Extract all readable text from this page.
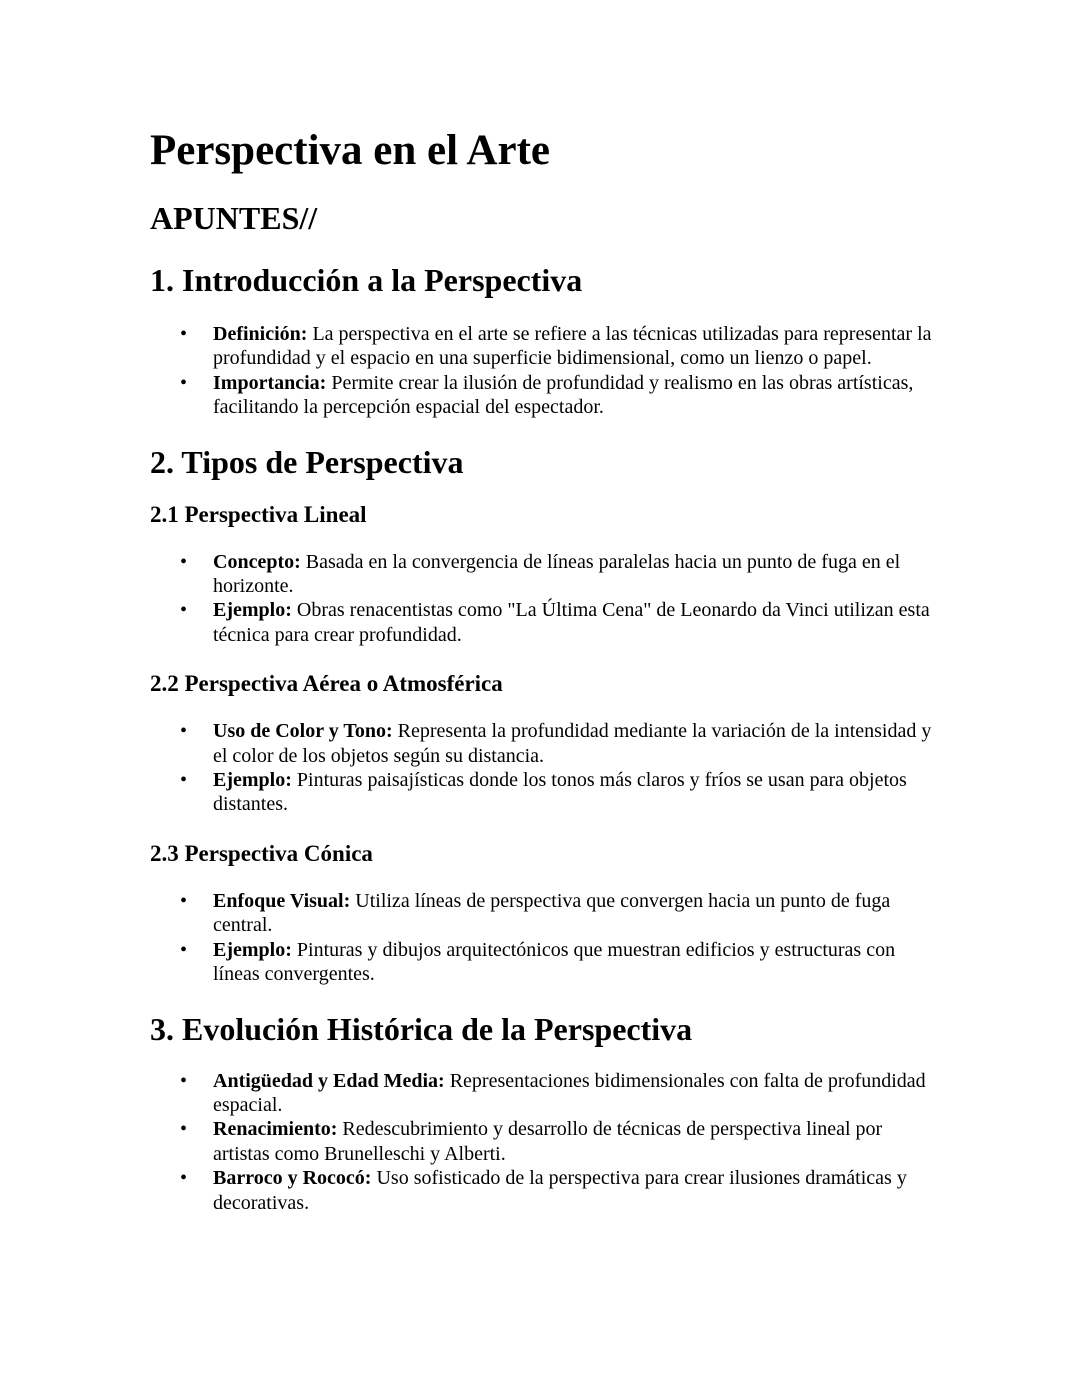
Perspectiva en el Arte
APUNTES//
1. Introducción a la Perspectiva
• Definición: La perspectiva en el arte se refiere a las técnicas utilizadas para representar la profundidad y el espacio en una superficie bidimensional, como un lienzo o papel.
• Importancia: Permite crear la ilusión de profundidad y realismo en las obras artísticas, facilitando la percepción espacial del espectador.
2. Tipos de Perspectiva
2.1 Perspectiva Lineal
• Concepto: Basada en la convergencia de líneas paralelas hacia un punto de fuga en el horizonte.
• Ejemplo: Obras renacentistas como "La Última Cena" de Leonardo da Vinci utilizan esta técnica para crear profundidad.
2.2 Perspectiva Aérea o Atmosférica
• Uso de Color y Tono: Representa la profundidad mediante la variación de la intensidad y el color de los objetos según su distancia.
• Ejemplo: Pinturas paisajísticas donde los tonos más claros y fríos se usan para objetos distantes.
2.3 Perspectiva Cónica
• Enfoque Visual: Utiliza líneas de perspectiva que convergen hacia un punto de fuga central.
• Ejemplo: Pinturas y dibujos arquitectónicos que muestran edificios y estructuras con líneas convergentes.
3. Evolución Histórica de la Perspectiva
• Antigüedad y Edad Media: Representaciones bidimensionales con falta de profundidad espacial.
• Renacimiento: Redescubrimiento y desarrollo de técnicas de perspectiva lineal por artistas como Brunelleschi y Alberti.
• Barroco y Rococó: Uso sofisticado de la perspectiva para crear ilusiones dramáticas y decorativas.
